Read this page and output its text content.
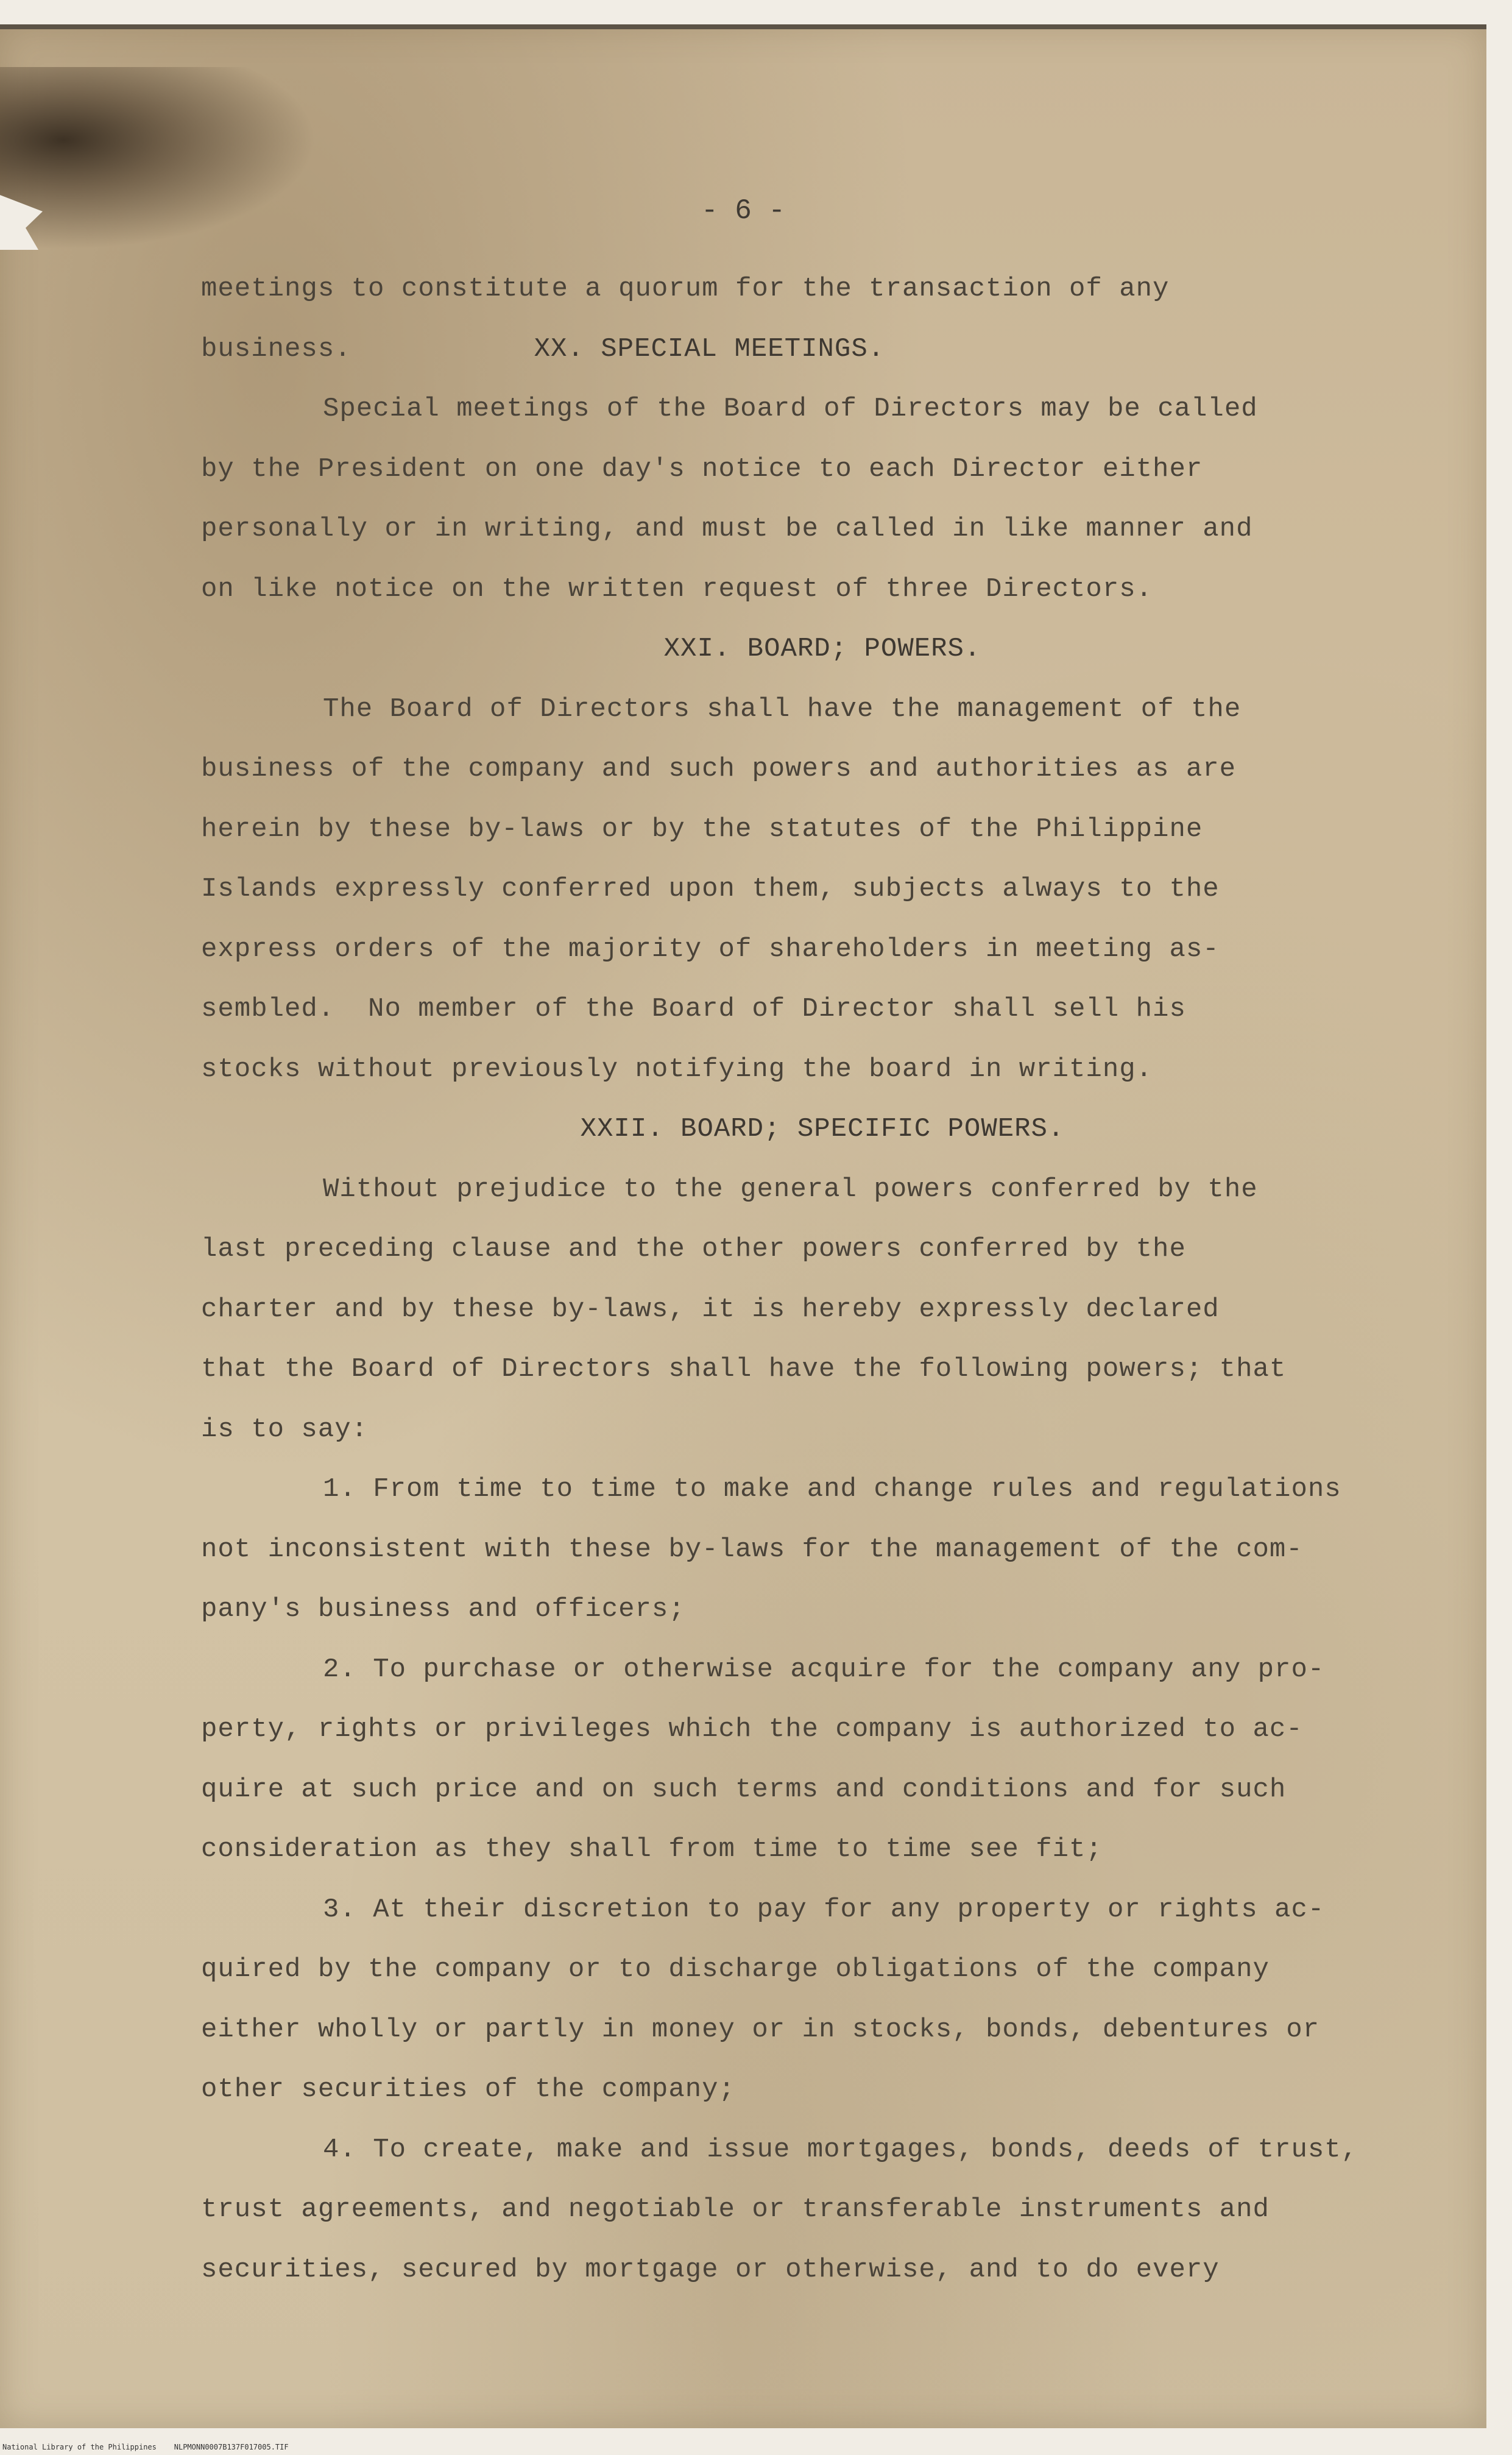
- 6 -
meetings to constitute a quorum for the transaction of any
business.	XX. SPECIAL MEETINGS.
Special meetings of the Board of Directors may be called
by the President on one day's notice to each Director either
personally or in writing, and must be called in like manner and
on like notice on the written request of three Directors.
XXI. BOARD; POWERS.
The Board of Directors shall have the management of the
business of the company and such powers and authorities as are
herein by these by-laws or by the statutes of the Philippine
Islands expressly conferred upon them, subjects always to the
express orders of the majority of shareholders in meeting as-
sembled.  No member of the Board of Director shall sell his
stocks without previously notifying the board in writing.
XXII. BOARD; SPECIFIC POWERS.
Without prejudice to the general powers conferred by the
last preceding clause and the other powers conferred by the
charter and by these by-laws, it is hereby expressly declared
that the Board of Directors shall have the following powers; that
is to say:
1. From time to time to make and change rules and regulations
not inconsistent with these by-laws for the management of the com-
pany's business and officers;
2. To purchase or otherwise acquire for the company any pro-
perty, rights or privileges which the company is authorized to ac-
quire at such price and on such terms and conditions and for such
consideration as they shall from time to time see fit;
3. At their discretion to pay for any property or rights ac-
quired by the company or to discharge obligations of the company
either wholly or partly in money or in stocks, bonds, debentures or
other securities of the company;
4. To create, make and issue mortgages, bonds, deeds of trust,
trust agreements, and negotiable or transferable instruments and
securities, secured by mortgage or otherwise, and to do every
National Library of the Philippines    NLPMONN0007B137F017005.TIF
